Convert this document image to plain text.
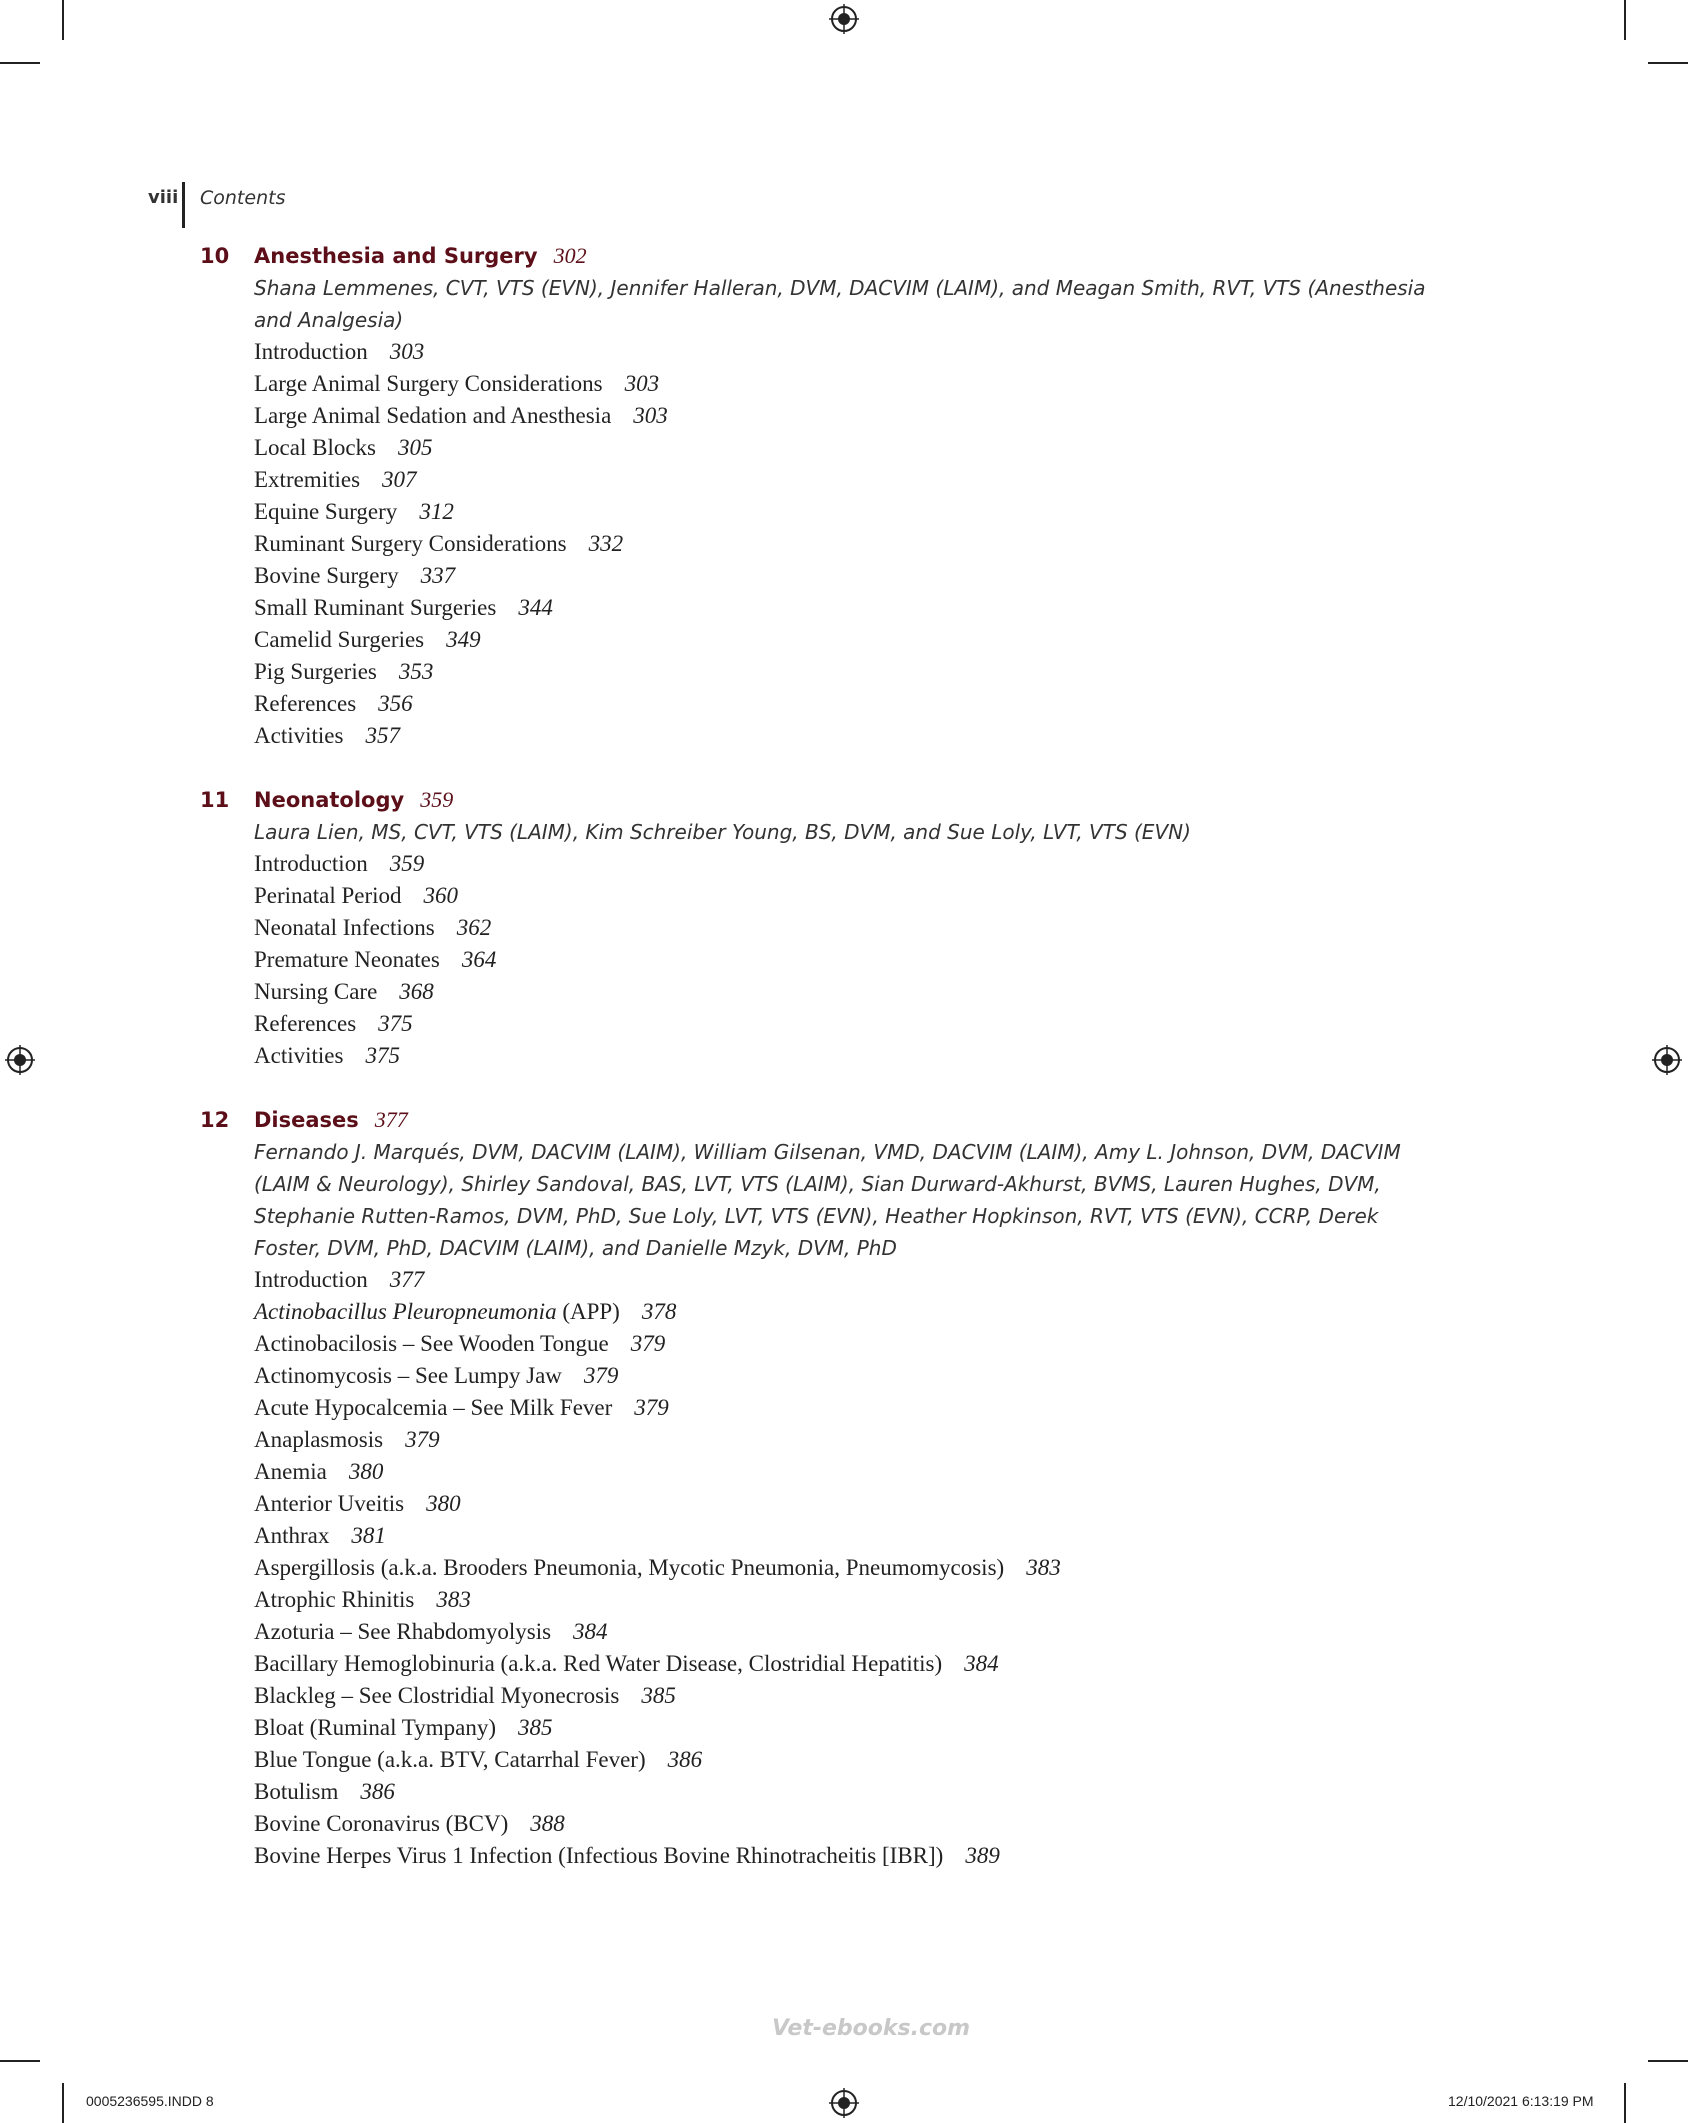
viii Contents
10 Anesthesia and Surgery 302
Shana Lemmenes, CVT, VTS (EVN), Jennifer Halleran, DVM, DACVIM (LAIM), and Meagan Smith, RVT, VTS (Anesthesia and Analgesia)
Introduction 303
Large Animal Surgery Considerations 303
Large Animal Sedation and Anesthesia 303
Local Blocks 305
Extremities 307
Equine Surgery 312
Ruminant Surgery Considerations 332
Bovine Surgery 337
Small Ruminant Surgeries 344
Camelid Surgeries 349
Pig Surgeries 353
References 356
Activities 357
11 Neonatology 359
Laura Lien, MS, CVT, VTS (LAIM), Kim Schreiber Young, BS, DVM, and Sue Loly, LVT, VTS (EVN)
Introduction 359
Perinatal Period 360
Neonatal Infections 362
Premature Neonates 364
Nursing Care 368
References 375
Activities 375
12 Diseases 377
Fernando J. Marqués, DVM, DACVIM (LAIM), William Gilsenan, VMD, DACVIM (LAIM), Amy L. Johnson, DVM, DACVIM (LAIM & Neurology), Shirley Sandoval, BAS, LVT, VTS (LAIM), Sian Durward-Akhurst, BVMS, Lauren Hughes, DVM, Stephanie Rutten-Ramos, DVM, PhD, Sue Loly, LVT, VTS (EVN), Heather Hopkinson, RVT, VTS (EVN), CCRP, Derek Foster, DVM, PhD, DACVIM (LAIM), and Danielle Mzyk, DVM, PhD
Introduction 377
Actinobacillus Pleuropneumonia (APP) 378
Actinobacilosis – See Wooden Tongue 379
Actinomycosis – See Lumpy Jaw 379
Acute Hypocalcemia – See Milk Fever 379
Anaplasmosis 379
Anemia 380
Anterior Uveitis 380
Anthrax 381
Aspergillosis (a.k.a. Brooders Pneumonia, Mycotic Pneumonia, Pneumomycosis) 383
Atrophic Rhinitis 383
Azoturia – See Rhabdomyolysis 384
Bacillary Hemoglobinuria (a.k.a. Red Water Disease, Clostridial Hepatitis) 384
Blackleg – See Clostridial Myonecrosis 385
Bloat (Ruminal Tympany) 385
Blue Tongue (a.k.a. BTV, Catarrhal Fever) 386
Botulism 386
Bovine Coronavirus (BCV) 388
Bovine Herpes Virus 1 Infection (Infectious Bovine Rhinotracheitis [IBR]) 389
Vet-ebooks.com
0005236595.INDD 8	12/10/2021 6:13:19 PM
